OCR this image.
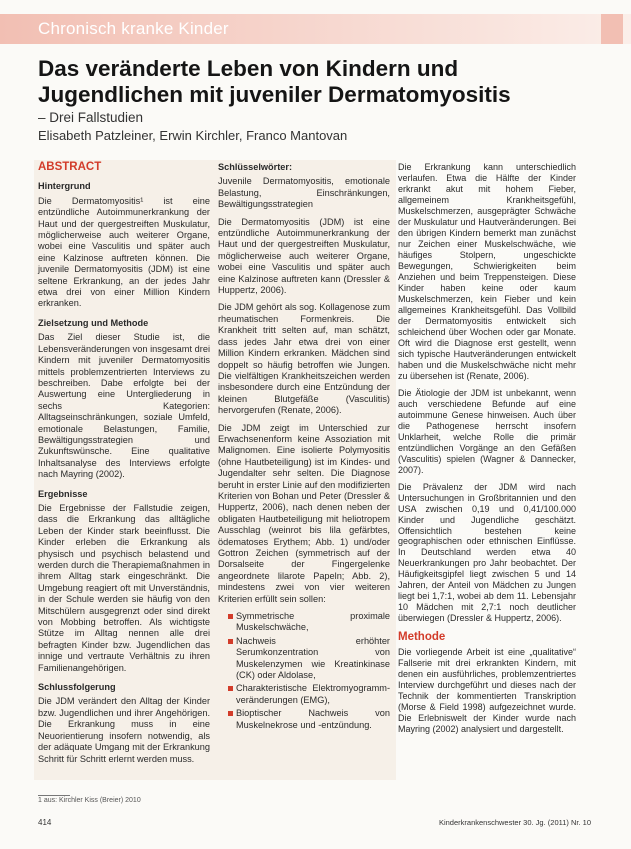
Chronisch kranke Kinder
Das veränderte Leben von Kindern und Jugendlichen mit juveniler Dermatomyositis
– Drei Fallstudien
Elisabeth Patzleiner, Erwin Kirchler, Franco Mantovan
ABSTRACT
Hintergrund

Die Dermatomyositis¹ ist eine entzündliche Autoimmunerkrankung der Haut und der quergestreiften Muskulatur, möglicherweise auch weiterer Organe, wobei eine Vasculitis und später auch eine Kalzinose auftreten können. Die juvenile Dermatomyositis (JDM) ist eine seltene Erkrankung, an der jedes Jahr etwa drei von einer Million Kindern erkranken.

Zielsetzung und Methode

Das Ziel dieser Studie ist, die Lebensveränderungen von insgesamt drei Kindern mit juveniler Dermatomyositis mittels problemzentrierten Interviews zu beschreiben. Dabe erfolgte bei der Auswertung eine Untergliederung in sechs Kategorien: Alltagseinschränkungen, soziale Umfeld, emotionale Belastungen, Familie, Bewältigungsstrategien und Zukunftswünsche. Eine qualitative Inhaltsanalyse des Interviews erfolgte nach Mayring (2002).

Ergebnisse

Die Ergebnisse der Fallstudie zeigen, dass die Erkrankung das alltägliche Leben der Kinder stark beeinflusst. Die Kinder erleben die Erkrankung als physisch und psychisch belastend und werden durch die Therapiemaßnahmen in ihrem Alltag stark eingeschränkt. Die Umgebung reagiert oft mit Unverständnis, in der Schule werden sie häufig von den Mitschülern ausgegrenzt oder sind direkt von Mobbing betroffen. Als wichtigste Stütze im Alltag nennen alle drei befragten Kinder bzw. Jugendlichen das innige und vertraute Verhältnis zu ihren Familienangehörigen.

Schlussfolgerung

Die JDM verändert den Alltag der Kinder bzw. Jugendlichen und ihrer Angehörigen. Die Erkrankung muss in eine Neuorientierung insofern notwendig, als der adäquate Umgang mit der Erkrankung Schritt für Schritt erlernt werden muss.

Schlüsselwörter:

Juvenile Dermatomyositis, emotionale Belastung, Einschränkungen, Bewältigungsstrategien

Die Dermatomyositis (JDM) ist eine entzündliche Autoimmunerkrankung der Haut und der quergestreiften Muskulatur, möglicherweise auch weiterer Organe, wobei eine Vasculitis und später auch eine Kalzinose auftreten kann (Dressler & Huppertz, 2006).

Die JDM gehört als sog. Kollagenose zum rheumatischen Formenkreis. Die Krankheit tritt selten auf, man schätzt, dass jedes Jahr etwa drei von einer Million Kindern erkranken. Mädchen sind doppelt so häufig betroffen wie Jungen. Die vielfältigen Krankheitszeichen werden insbesondere durch eine Entzündung der kleinen Blutgefäße (Vasculitis) hervorgerufen (Renate, 2006).

Die JDM zeigt im Unterschied zur Erwachsenenform keine Assoziation mit Malignomen. Eine isolierte Polymyositis (ohne Hautbeteiligung) ist im Kindes- und Jugendalter sehr selten. Die Diagnose beruht in erster Linie auf den modifizierten Kriterien von Bohan und Peter (Dressler & Huppertz, 2006), nach denen neben der obligaten Hautbeteiligung mit heliotropem Ausschlag (weinrot bis lila gefärbtes, ödematoses Erythem; Abb. 1) und/oder Gottron Zeichen (symmetrisch auf der Dorsalseite der Fingergelenke angeordnete lilarote Papeln; Abb. 2), mindestens zwei von vier weiteren Kriterien erfüllt sein sollen:

Symmetrische proximale Muskelschwäche,
Nachweis erhöhter Serumkonzentration von Muskelenzymen wie Kreatinkinase (CK) oder Aldolase,
Charakteristische Elektromyogramm-veränderungen (EMG),
Bioptischer Nachweis von Muskelnekrose und -entzündung.

Die Erkrankung kann unterschiedlich verlaufen. Etwa die Hälfte der Kinder erkrankt akut mit hohem Fieber, allgemeinem Krankheitsgefühl, Muskelschmerzen, ausgeprägter Schwäche der Muskulatur und Hautveränderungen. Bei den übrigen Kindern bemerkt man zunächst nur Zeichen einer Muskelschwäche, wie häufiges Stolpern, ungeschickte Bewegungen, Schwierigkeiten beim Anziehen und beim Treppensteigen. Diese Kinder haben keine oder kaum Muskelschmerzen, kein Fieber und kein allgemeines Krankheitsgefühl. Das Vollbild der Dermatomyositis entwickelt sich schleichend über Wochen oder gar Monate. Oft wird die Diagnose erst gestellt, wenn sich typische Hautveränderungen entwickelt haben und die Muskelschwäche nicht mehr zu übersehen ist (Renate, 2006).

Die Ätiologie der JDM ist unbekannt, wenn auch verschiedene Befunde auf eine autoimmune Genese hinweisen. Auch über die Pathogenese herrscht insofern Unklarheit, welche Rolle die primär entzündlichen Vorgänge an den Gefäßen (Vasculitis) spielen (Wagner & Dannecker, 2007).

Die Prävalenz der JDM wird nach Untersuchungen in Großbritannien und den USA zwischen 0,19 und 0,41/100.000 Kinder und Jugendliche geschätzt. Offensichtlich bestehen keine geographischen oder ethnischen Einflüsse. In Deutschland werden etwa 40 Neuerkrankungen pro Jahr beobachtet. Der Häufigkeitsgipfel liegt zwischen 5 und 14 Jahren, der Anteil von Mädchen zu Jungen liegt bei 1,7:1, wobei ab dem 11. Lebensjahr 10 Mädchen mit 2,7:1 noch deutlicher überwiegen (Dressler & Huppertz, 2006).

Methode

Die vorliegende Arbeit ist eine „qualitative“ Fallserie mit drei erkrankten Kindern, mit denen ein ausführliches, problemzentriertes Interview durchgeführt und dieses nach der Technik der kommentierten Transkription (Morse & Field 1998) aufgezeichnet wurde. Die Erlebniswelt der Kinder wurde nach Mayring (2002) analysiert und dargestellt.

1 aus: Kirchler Kiss (Breier) 2010
414	Kinderkrankenschwester 30. Jg. (2011) Nr. 10
